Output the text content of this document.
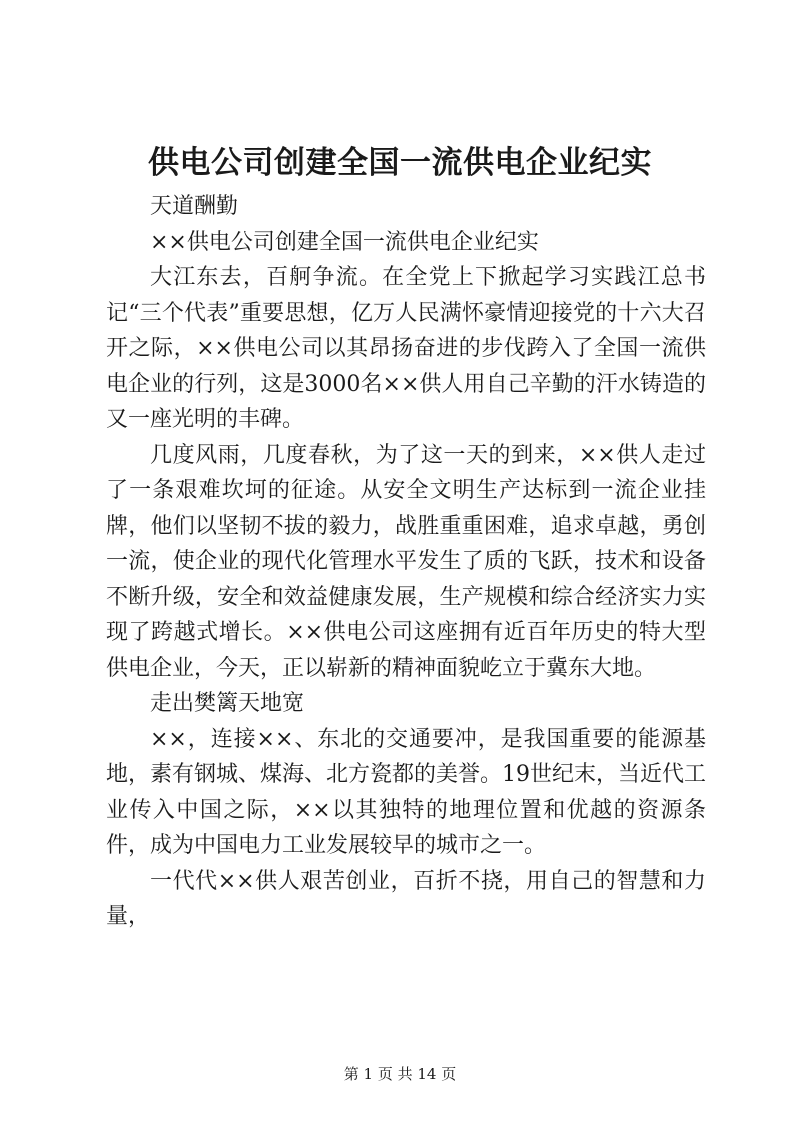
供电公司创建全国一流供电企业纪实

天道酬勤

××供电公司创建全国一流供电企业纪实

大江东去，百舸争流。在全党上下掀起学习实践江总书记“三个代表”重要思想，亿万人民满怀豪情迎接党的十六大召开之际，××供电公司以其昂扬奋进的步伐跨入了全国一流供电企业的行列，这是3000名××供人用自己辛勤的汗水铸造的又一座光明的丰碑。

几度风雨，几度春秋，为了这一天的到来，××供人走过了一条艰难坎坷的征途。从安全文明生产达标到一流企业挂牌，他们以坚韧不拔的毅力，战胜重重困难，追求卓越，勇创一流，使企业的现代化管理水平发生了质的飞跃，技术和设备不断升级，安全和效益健康发展，生产规模和综合经济实力实现了跨越式增长。××供电公司这座拥有近百年历史的特大型供电企业，今天，正以崭新的精神面貌屹立于冀东大地。

走出樊篱天地宽

××，连接××、东北的交通要冲，是我国重要的能源基地，素有钢城、煤海、北方瓷都的美誉。19世纪末，当近代工业传入中国之际，××以其独特的地理位置和优越的资源条件，成为中国电力工业发展较早的城市之一。

一代代××供人艰苦创业，百折不挠，用自己的智慧和力量，

第 1 页 共 14 页
